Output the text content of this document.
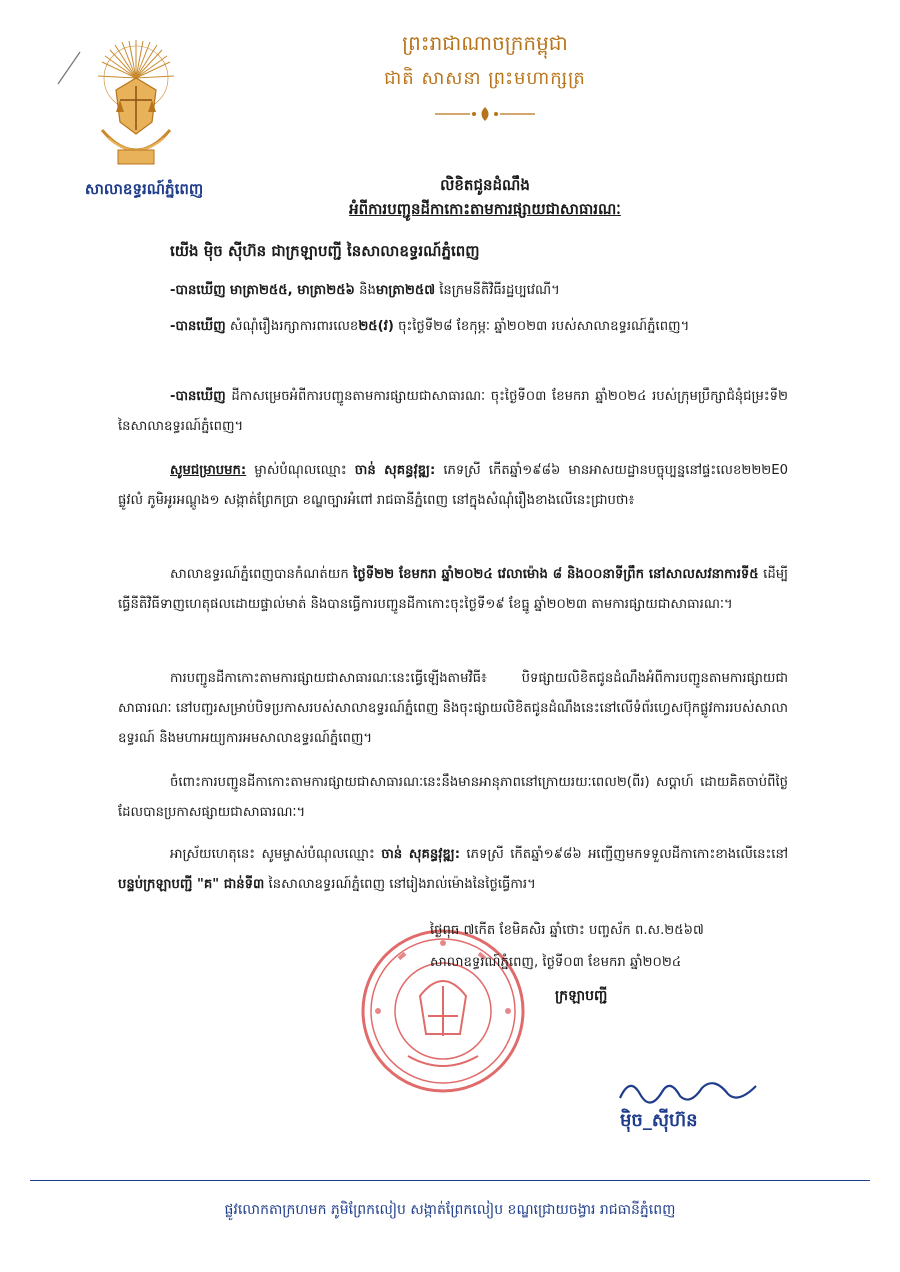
សាលាឧទ្ធរណ៍ភ្នំពេញ
ព្រះរាជាណាចក្រកម្ពុជា
ជាតិ សាសនា ព្រះមហាក្សត្រ
លិខិតជូនដំណឹង
អំពីការបញ្ជូនដីកាកោះតាមការផ្សាយជាសាធារណៈ
យើង ម៉ិច ស៊ីហ៊ន ជាក្រឡាបញ្ជី នៃសាលាឧទ្ធរណ៍ភ្នំពេញ
-បានឃើញ មាត្រា២៥៥, មាត្រា២៥៦ និងមាត្រា២៥៧ នៃក្រមនីតិវិធីរដ្ឋប្បវេណី។
-បានឃើញ សំណុំរឿងរក្សាការពារលេខ២៥(វ) ចុះថ្ងៃទី២៨ ខែកុម្ភៈ ឆ្នាំ២០២៣ របស់សាលាឧទ្ធរណ៍ភ្នំពេញ។
-បានឃើញ ដីកាសម្រេចអំពីការបញ្ជូនតាមការផ្សាយជាសាធារណៈ ចុះថ្ងៃទី០៣ ខែមករា ឆ្នាំ២០២៤ របស់ក្រុមប្រឹក្សាជំនុំជម្រះទី២ នៃសាលាឧទ្ធរណ៍ភ្នំពេញ។
សូមជម្រាបមក: ម្ចាស់បំណុលឈ្មោះ ចាន់ សុគន្ធវុឌ្ឍ: ភេទស្រី កើតឆ្នាំ១៩៨៦ មានអាសយដ្ឋានបច្ចុប្បន្ននៅផ្ទះលេខ២២២E0 ផ្លូវលំ ភូមិអូរអណ្ដូង១ សង្កាត់ព្រែកប្រា ខណ្ឌច្បារអំពៅ រាជធានីភ្នំពេញ នៅក្នុងសំណុំរឿងខាងលើនេះជ្រាបថា៖
សាលាឧទ្ធរណ៍ភ្នំពេញបានកំណត់យក ថ្ងៃទី២២ ខែមករា ឆ្នាំ២០២៤ វេលាម៉ោង ៨ និង០០នាទីព្រឹក នៅសាលសវនាការទី៥ ដើម្បីធ្វើនីតិវិធីទាញហេតុផលដោយផ្ទាល់មាត់ និងបានធ្វើការបញ្ជូនដីកាកោះចុះថ្ងៃទី១៩ ខែធ្នូ ឆ្នាំ២០២៣ តាមការផ្សាយជាសាធារណៈ។
ការបញ្ជូនដីកាកោះតាមការផ្សាយជាសាធារណៈនេះធ្វើឡើងតាមវិធី៖ បិទផ្សាយលិខិតជូនដំណឹងអំពីការបញ្ជូនតាមការផ្សាយជាសាធារណៈ នៅបញ្ជរសម្រាប់បិទប្រកាសរបស់សាលាឧទ្ធរណ៍ភ្នំពេញ និងចុះផ្សាយលិខិតជូនដំណឹងនេះនៅលើទំព័រហ្វេសប៊ុកផ្លូវការរបស់សាលាឧទ្ធរណ៍ និងមហាអយ្យការអមសាលាឧទ្ធរណ៍ភ្នំពេញ។
ចំពោះការបញ្ជូនដីកាកោះតាមការផ្សាយជាសាធារណៈនេះនឹងមានអានុភាពនៅក្រោយរយៈពេល២(ពីរ) សប្តាហ៍ ដោយគិតចាប់ពីថ្ងៃដែលបានប្រកាសផ្សាយជាសាធារណៈ។
អាស្រ័យហេតុនេះ សូមម្ចាស់បំណុលឈ្មោះ ចាន់ សុគន្ធវុឌ្ឍ: ភេទស្រី កើតឆ្នាំ១៩៨៦ អញ្ជើញមកទទួលដីកាកោះខាងលើនេះនៅបន្ទប់ក្រឡាបញ្ជី "គ" ជាន់ទី៣ នៃសាលាឧទ្ធរណ៍ភ្នំពេញ នៅរៀងរាល់ម៉ោងនៃថ្ងៃធ្វើការ។
ថ្ងៃពុធ ៧កើត ខែមិគសិរ ឆ្នាំថោះ បញ្ចស័ក ព.ស.២៥៦៧
សាលាឧទ្ធរណ៍ភ្នំពេញ, ថ្ងៃទី០៣ ខែមករា ឆ្នាំ២០២៤
ក្រឡាបញ្ជី
ម៉ិច_ស៊ីហ៊ន
ផ្លូវលោកតាក្រហមក ភូមិព្រែកលៀប សង្កាត់ព្រែកលៀប ខណ្ឌជ្រោយចង្វារ រាជធានីភ្នំពេញ
